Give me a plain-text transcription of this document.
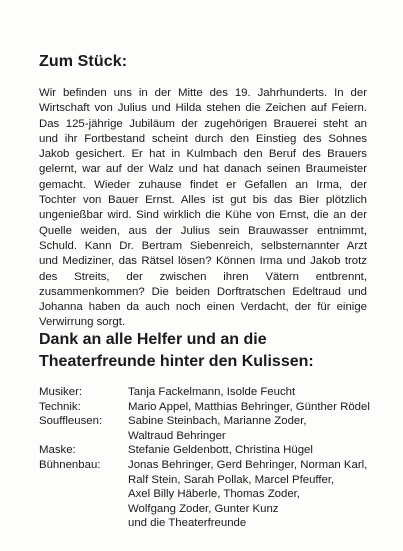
Zum Stück:
Wir befinden uns in der Mitte des 19. Jahrhunderts. In der
Wirtschaft von Julius und Hilda stehen die Zeichen auf Feiern.
Das 125-jährige Jubiläum der zugehörigen Brauerei steht an
und ihr Fortbestand scheint durch den Einstieg des Sohnes
Jakob gesichert. Er hat in Kulmbach den Beruf des Brauers
gelernt, war auf der Walz und hat danach seinen Braumeister
gemacht. Wieder zuhause findet er Gefallen an Irma, der
Tochter von Bauer Ernst. Alles ist gut bis das Bier plötzlich
ungenießbar wird. Sind wirklich die Kühe von Ernst, die an der
Quelle weiden, aus der Julius sein Brauwasser entnimmt,
Schuld. Kann Dr. Bertram Siebenreich, selbsternannter Arzt
und Mediziner, das Rätsel lösen? Können Irma und Jakob trotz
des Streits, der zwischen ihren Vätern entbrennt,
zusammenkommen? Die beiden Dorftratschen Edeltraud und
Johanna haben da auch noch einen Verdacht, der für einige
Verwirrung sorgt.
Dank an alle Helfer und an die
Theaterfreunde hinter den Kulissen:
Musiker:	Tanja Fackelmann, Isolde Feucht
Technik:	Mario Appel, Matthias Behringer, Günther Rödel
Souffleusen:	Sabine Steinbach, Marianne Zoder,
Waltraud Behringer
Maske:	Stefanie Geldenbott, Christina Hügel
Bühnenbau:	Jonas Behringer, Gerd Behringer, Norman Karl,
Ralf Stein, Sarah Pollak, Marcel Pfeuffer,
Axel Billy Häberle, Thomas Zoder,
Wolfgang Zoder, Gunter Kunz
und die Theaterfreunde
